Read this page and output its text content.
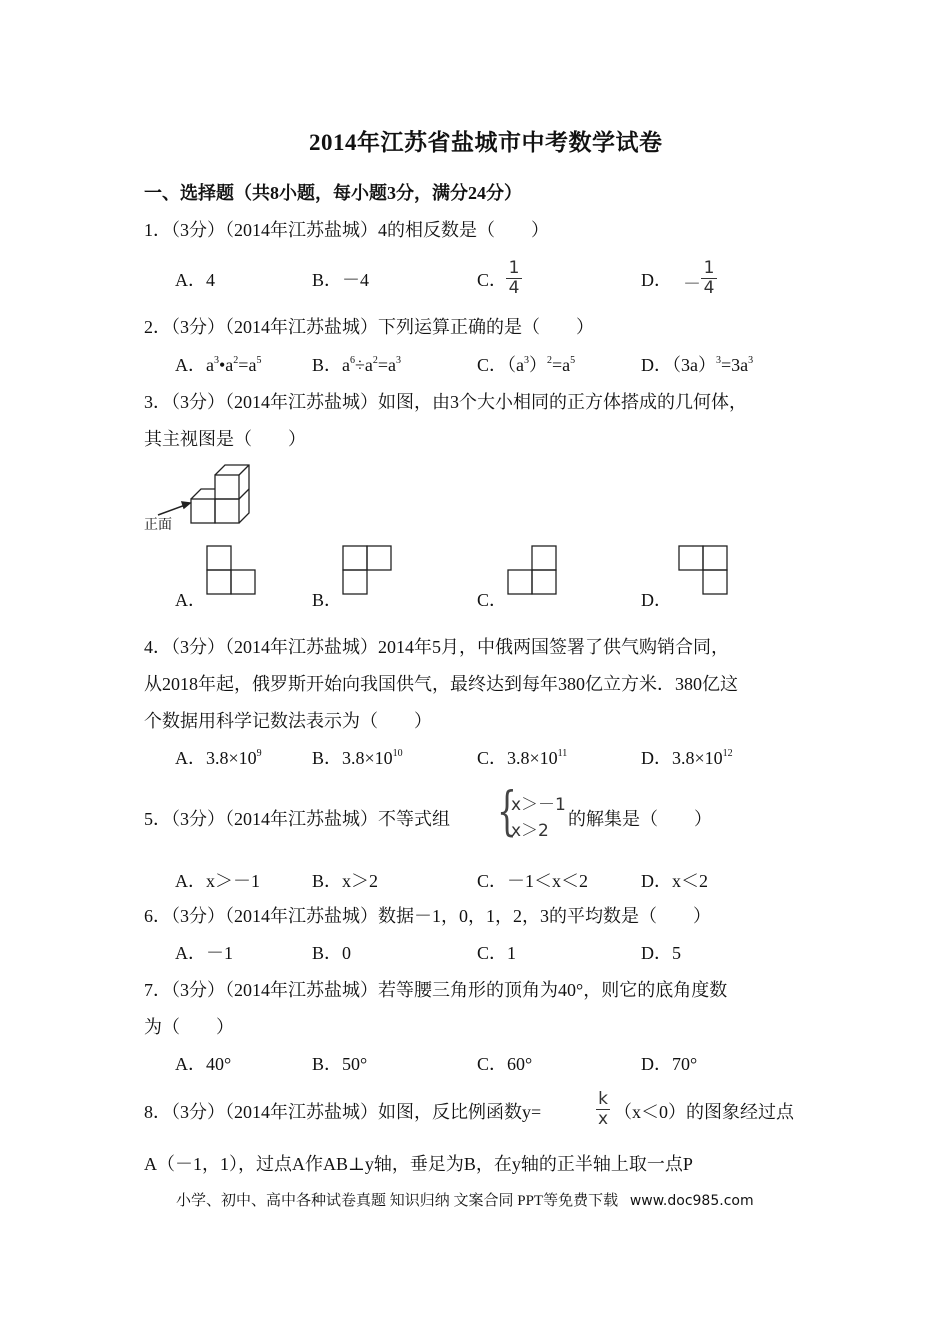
2014年江苏省盐城市中考数学试卷
一、选择题（共8小题，每小题3分，满分24分）
1．（3分）（2014年江苏盐城）4的相反数是（　　）
A．4	B．－4	C．
1
4	D． －
1
4
2．（3分）（2014年江苏盐城）下列运算正确的是（　　）
A．$a^3•a^2=a^5$	B．$a^6\div a^2=a^3$	C．$(a^3)^2=a^5$	D．$(3a)^3=3a^3$
3．（3分）（2014年江苏盐城）如图，由3个大小相同的正方体搭成的几何体，
其主视图是（　　）
正面
A．	B．	C．	D．
4．（3分）（2014年江苏盐城）2014年5月，中俄两国签署了供气购销合同，
从2018年起，俄罗斯开始向我国供气，最终达到每年380亿立方米．380亿这
个数据用科学记数法表示为（　　）
A．$3.8\times 10^9$	B．$3.8\times 10^{10}$	C．$3.8\times 10^{11}$	D．$3.8\times 10^{12}$
5．（3分）（2014年江苏盐城）不等式组 {
x＞－1
x＞2
的解集是（　　）
A．x＞－1	B．x＞2	C．－1＜x＜2	D．x＜2
6．（3分）（2014年江苏盐城）数据－1，0，1，2，3的平均数是（　　）
A．－1	B．0	C．1	D．5
7．（3分）（2014年江苏盐城）若等腰三角形的顶角为40°，则它的底角度数
为（　　）
A．40°	B．50°	C．60°	D．70°
8．（3分）（2014年江苏盐城）如图，反比例函数y=
k
x （x＜0）的图象经过点
A（－1，1），过点A作AB⊥y轴，垂足为B，在y轴的正半轴上取一点P
小学、初中、高中各种试卷真题 知识归纳 文案合同 PPT等免费下载 www.doc985.com
